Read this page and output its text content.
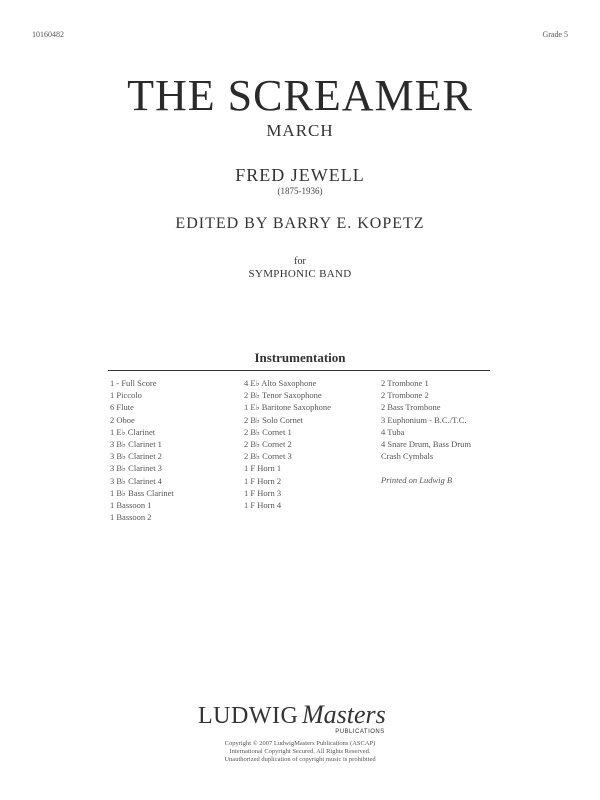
10160482	Grade 5
THE SCREAMER
MARCH
FRED JEWELL
(1875-1936)
EDITED BY BARRY E. KOPETZ
for
SYMPHONIC BAND
Instrumentation
1 - Full Score
1 Piccolo
6 Flute
2 Oboe
1 E♭ Clarinet
3 B♭ Clarinet 1
3 B♭ Clarinet 2
3 B♭ Clarinet 3
3 B♭ Clarinet 4
1 B♭ Bass Clarinet
1 Bassoon 1
1 Bassoon 2
4 E♭ Alto Saxophone
2 B♭ Tenor Saxophone
1 E♭ Baritone Saxophone
2 B♭ Solo Cornet
2 B♭ Cornet 1
2 B♭ Cornet 2
2 B♭ Cornet 3
1 F Horn 1
1 F Horn 2
1 F Horn 3
1 F Horn 4
2 Trombone 1
2 Trombone 2
2 Bass Trombone
3 Euphonium - B.C./T.C.
4 Tuba
4 Snare Drum, Bass Drum
Crash Cymbals
Printed on Ludwig B
LUDWIG Masters
PUBLICATIONS
Copyright © 2007 LudwigMasters Publications (ASCAP)
International Copyright Secured. All Rights Reserved.
Unauthorized duplication of copyright music is prohibited
